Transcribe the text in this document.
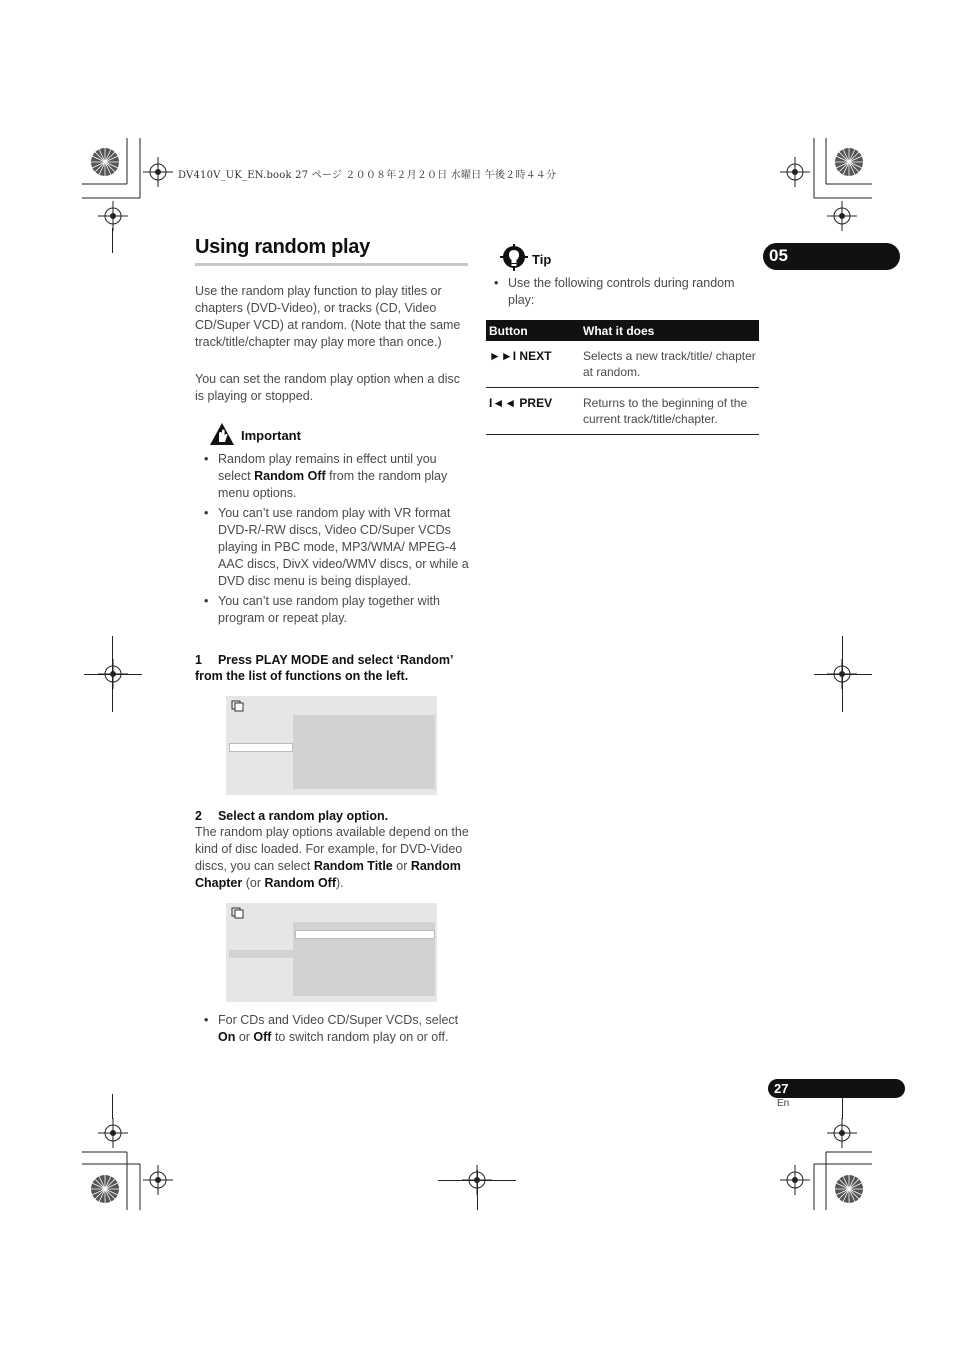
DV410V_UK_EN.book 27 ページ ２００８年２月２０日 水曜日 午後２時４４分
05
27
En
Using random play
Use the random play function to play titles or chapters (DVD-Video), or tracks (CD, Video CD/Super VCD) at random. (Note that the same track/title/chapter may play more than once.)
You can set the random play option when a disc is playing or stopped.
Important
• Random play remains in effect until you select Random Off from the random play menu options.
• You can’t use random play with VR format DVD-R/-RW discs, Video CD/Super VCDs playing in PBC mode, MP3/WMA/ MPEG-4 AAC discs, DivX video/WMV discs, or while a DVD disc menu is being displayed.
• You can’t use random play together with program or repeat play.
1 Press PLAY MODE and select ‘Random’ from the list of functions on the left.
2 Select a random play option.
The random play options available depend on the kind of disc loaded. For example, for DVD-Video discs, you can select Random Title or Random Chapter (or Random Off).
• For CDs and Video CD/Super VCDs, select On or Off to switch random play on or off.
Tip
• Use the following controls during random play:
Button	What it does
►►I NEXT	Selects a new track/title/ chapter at random.
I◄◄ PREV	Returns to the beginning of the current track/title/chapter.
